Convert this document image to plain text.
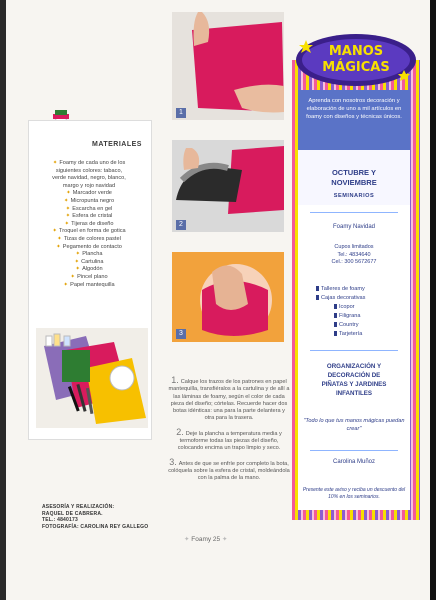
MATERIALES
✦ Foamy de cada uno de los
siguientes colores: tabaco,
verde navidad, negro, blanco,
margo y rojo navidad
✦ Marcador verde
✦ Micropunta negro
✦ Escarcha en gel
✦ Esfera de cristal
✦ Tijeras de diseño
✦ Troquel en forma de gotica
✦ Tizas de colores pastel
✦ Pegamento de contacto
✦ Plancha
✦ Cartulina
✦ Algodón
✦ Pincel plano
✦ Papel mantequilla
1
2
3

1. Calque los trazos de los patrones en papel mantequilla, transfiéralos a la cartulina y de allí a las láminas de foamy, según el color de cada pieza del diseño; córtelas. Recuerde hacer dos botas idénticas: una para la parte delantera y otra para la trasera.

2. Deje la plancha a temperatura media y termoforme todas las piezas del diseño, colocando encima un trapo limpio y seco.

3. Antes de que se enfríe por completo la bota, colóquela sobre la esfera de cristal, moldeándola con la palma de la mano.

ASESORÍA Y REALIZACIÓN:
RAQUEL DE CABRERA.
TEL.: 4840173
FOTOGRAFÍA: CAROLINA REY GALLEGO
✦ Foamy 25 ✦
MANOS
MÁGICAS
Aprenda con nosotros decoración y elaboración de uno a mil artículos en foamy con diseños y técnicas únicos.
OCTUBRE Y
NOVIEMBRE
SEMINARIOS
Foamy Navidad
Cupos limitados
Tel.: 4834640
Cel.: 300 5672677
Talleres de foamy
Cajas decorativas
Icopor
Filigrana
Country
Tarjetería
ORGANIZACIÓN Y
DECORACIÓN DE
PIÑATAS Y JARDINES
INFANTILES
"Todo lo que tus manos mágicas puedan crear"
Carolina Muñoz
Presente este aviso y reciba un descuento del 10% en los seminarios.
